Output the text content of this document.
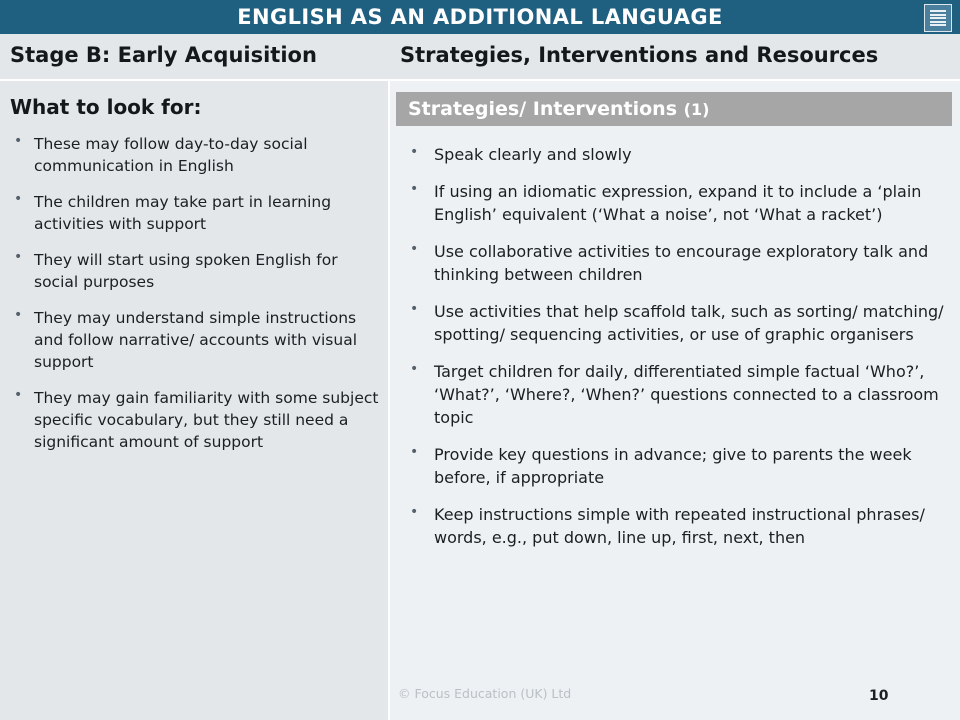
ENGLISH AS AN ADDITIONAL LANGUAGE
Stage B: Early Acquisition	Strategies, Interventions and Resources
What to look for:
• These may follow day-to-day social communication in English
• The children may take part in learning activities with support
• They will start using spoken English for social purposes
• They may understand simple instructions and follow narrative/ accounts with visual support
• They may gain familiarity with some subject specific vocabulary, but they still need a significant amount of support
Strategies/ Interventions (1)
• Speak clearly and slowly
• If using an idiomatic expression, expand it to include a ‘plain English’ equivalent (‘What a noise’, not ‘What a racket’)
• Use collaborative activities to encourage exploratory talk and thinking between children
• Use activities that help scaffold talk, such as sorting/ matching/ spotting/ sequencing activities, or use of graphic organisers
• Target children for daily, differentiated simple factual ‘Who?’, ‘What?’, ‘Where?, ‘When?’ questions connected to a classroom topic
• Provide key questions in advance; give to parents the week before, if appropriate
• Keep instructions simple with repeated instructional phrases/ words, e.g., put down, line up, first, next, then
© Focus Education (UK) Ltd	10
